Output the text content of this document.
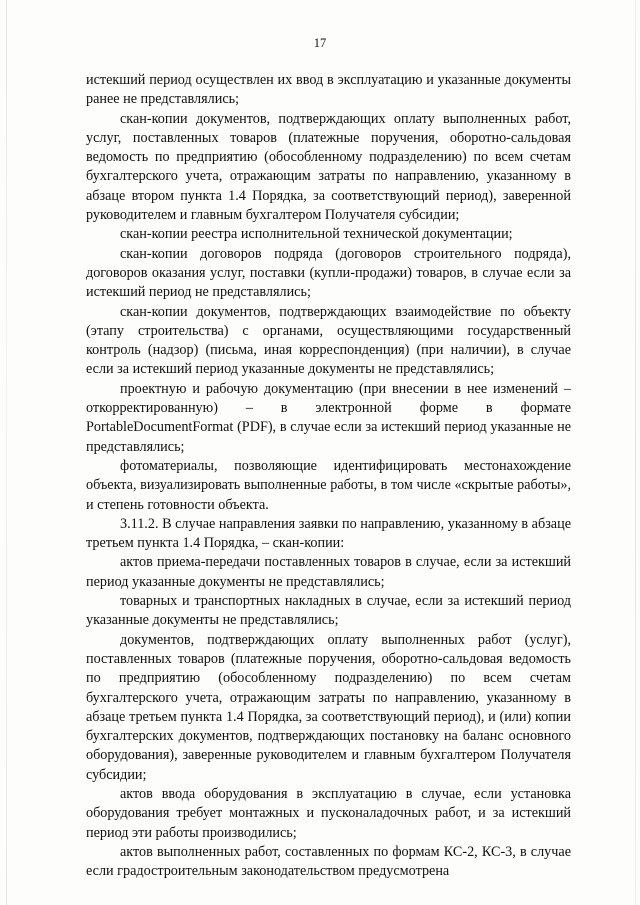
17

истекший период осуществлен их ввод в эксплуатацию и указанные документы ранее не представлялись;

скан-копии документов, подтверждающих оплату выполненных работ, услуг, поставленных товаров (платежные поручения, оборотно-сальдовая ведомость по предприятию (обособленному подразделению) по всем счетам бухгалтерского учета, отражающим затраты по направлению, указанному в абзаце втором пункта 1.4 Порядка, за соответствующий период), заверенной руководителем и главным бухгалтером Получателя субсидии;

скан-копии реестра исполнительной технической документации;

скан-копии договоров подряда (договоров строительного подряда), договоров оказания услуг, поставки (купли-продажи) товаров, в случае если за истекший период не представлялись;

скан-копии документов, подтверждающих взаимодействие по объекту (этапу строительства) с органами, осуществляющими государственный контроль (надзор) (письма, иная корреспонденция) (при наличии), в случае если за истекший период указанные документы не представлялись;

проектную и рабочую документацию (при внесении в нее изменений – откорректированную) – в электронной форме в формате PortableDocumentFormat (PDF), в случае если за истекший период указанные не представлялись;

фотоматериалы, позволяющие идентифицировать местонахождение объекта, визуализировать выполненные работы, в том числе «скрытые работы», и степень готовности объекта.

3.11.2. В случае направления заявки по направлению, указанному в абзаце третьем пункта 1.4 Порядка, – скан-копии:

актов приема-передачи поставленных товаров в случае, если за истекший период указанные документы не представлялись;

товарных и транспортных накладных в случае, если за истекший период указанные документы не представлялись;

документов, подтверждающих оплату выполненных работ (услуг), поставленных товаров (платежные поручения, оборотно-сальдовая ведомость по предприятию (обособленному подразделению) по всем счетам бухгалтерского учета, отражающим затраты по направлению, указанному в абзаце третьем пункта 1.4 Порядка, за соответствующий период), и (или) копии бухгалтерских документов, подтверждающих постановку на баланс основного оборудования), заверенные руководителем и главным бухгалтером Получателя субсидии;

актов ввода оборудования в эксплуатацию в случае, если установка оборудования требует монтажных и пусконаладочных работ, и за истекший период эти работы производились;

актов выполненных работ, составленных по формам КС-2, КС-3, в случае если градостроительным законодательством предусмотрена
